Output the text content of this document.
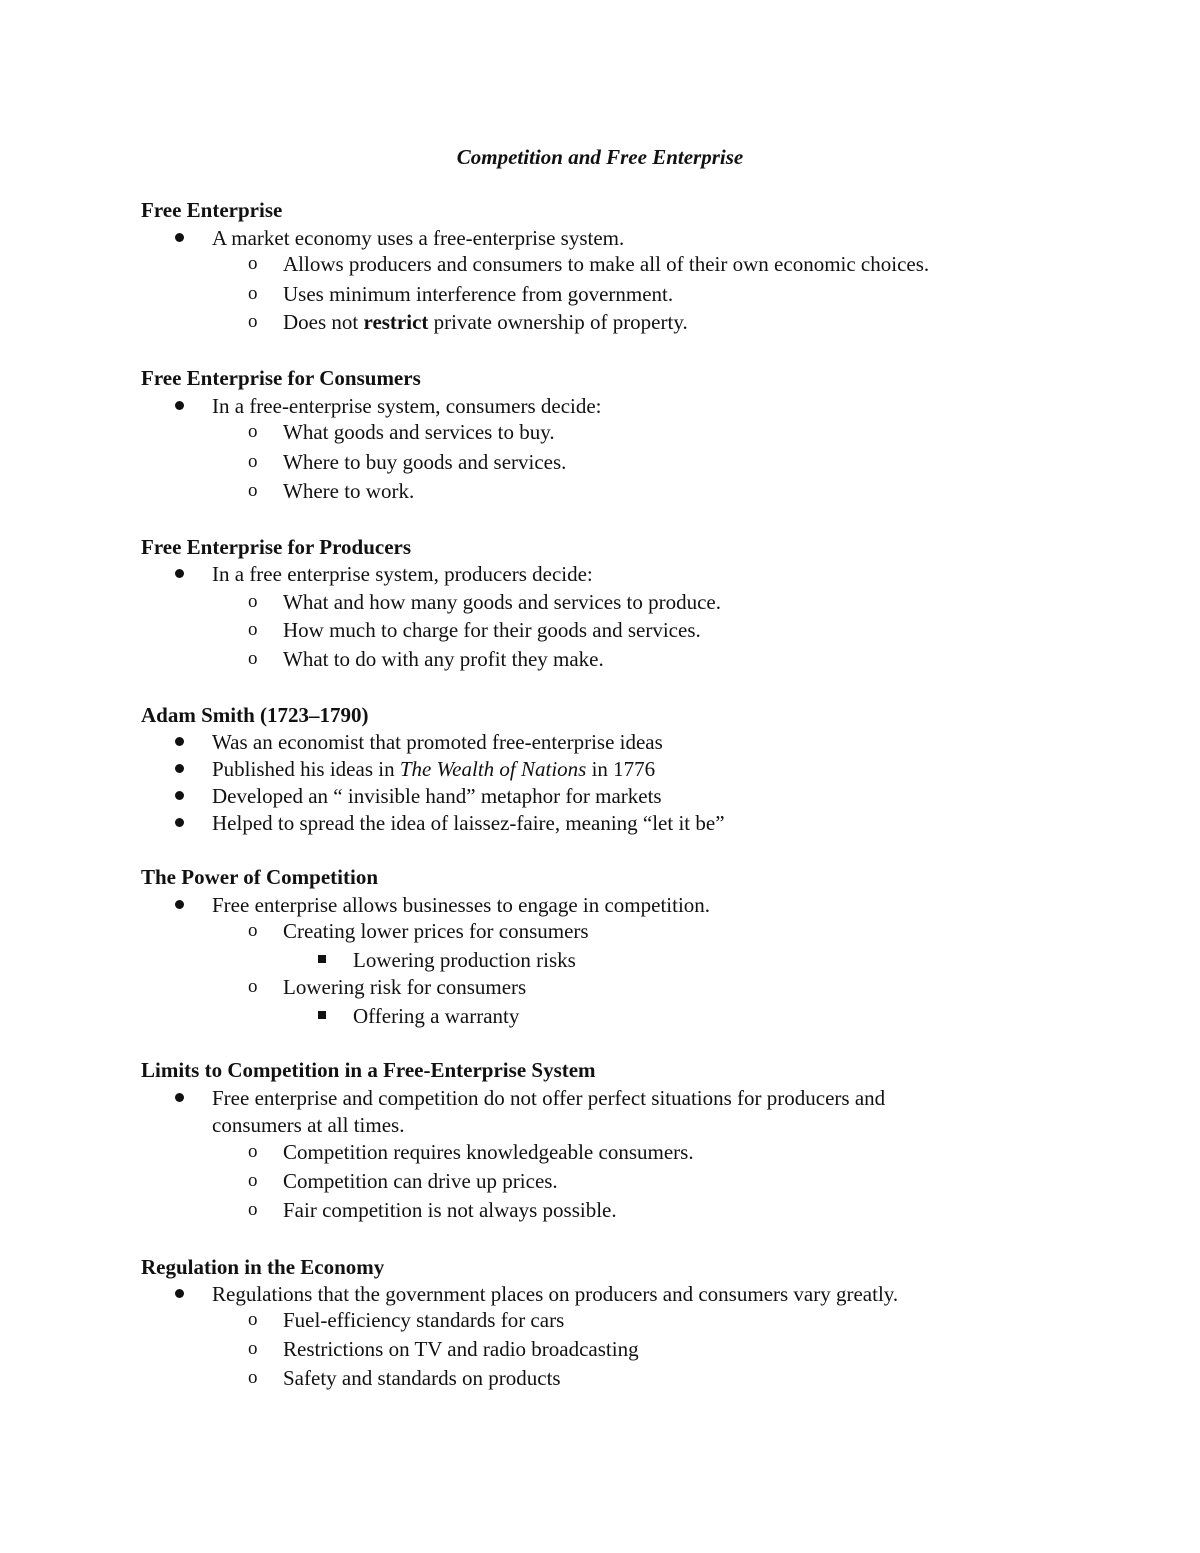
Competition and Free Enterprise
Free Enterprise
A market economy uses a free-enterprise system.
o Allows producers and consumers to make all of their own economic choices.
o Uses minimum interference from government.
o Does not restrict private ownership of property.
Free Enterprise for Consumers
In a free-enterprise system, consumers decide:
o What goods and services to buy.
o Where to buy goods and services.
o Where to work.
Free Enterprise for Producers
In a free enterprise system, producers decide:
o What and how many goods and services to produce.
o How much to charge for their goods and services.
o What to do with any profit they make.
Adam Smith (1723–1790)
Was an economist that promoted free-enterprise ideas
Published his ideas in The Wealth of Nations in 1776
Developed an “ invisible hand” metaphor for markets
Helped to spread the idea of laissez-faire, meaning “let it be”
The Power of Competition
Free enterprise allows businesses to engage in competition.
o Creating lower prices for consumers
Lowering production risks
o Lowering risk for consumers
Offering a warranty
Limits to Competition in a Free-Enterprise System
Free enterprise and competition do not offer perfect situations for producers and
consumers at all times.
o Competition requires knowledgeable consumers.
o Competition can drive up prices.
o Fair competition is not always possible.
Regulation in the Economy
Regulations that the government places on producers and consumers vary greatly.
o Fuel-efficiency standards for cars
o Restrictions on TV and radio broadcasting
o Safety and standards on products
